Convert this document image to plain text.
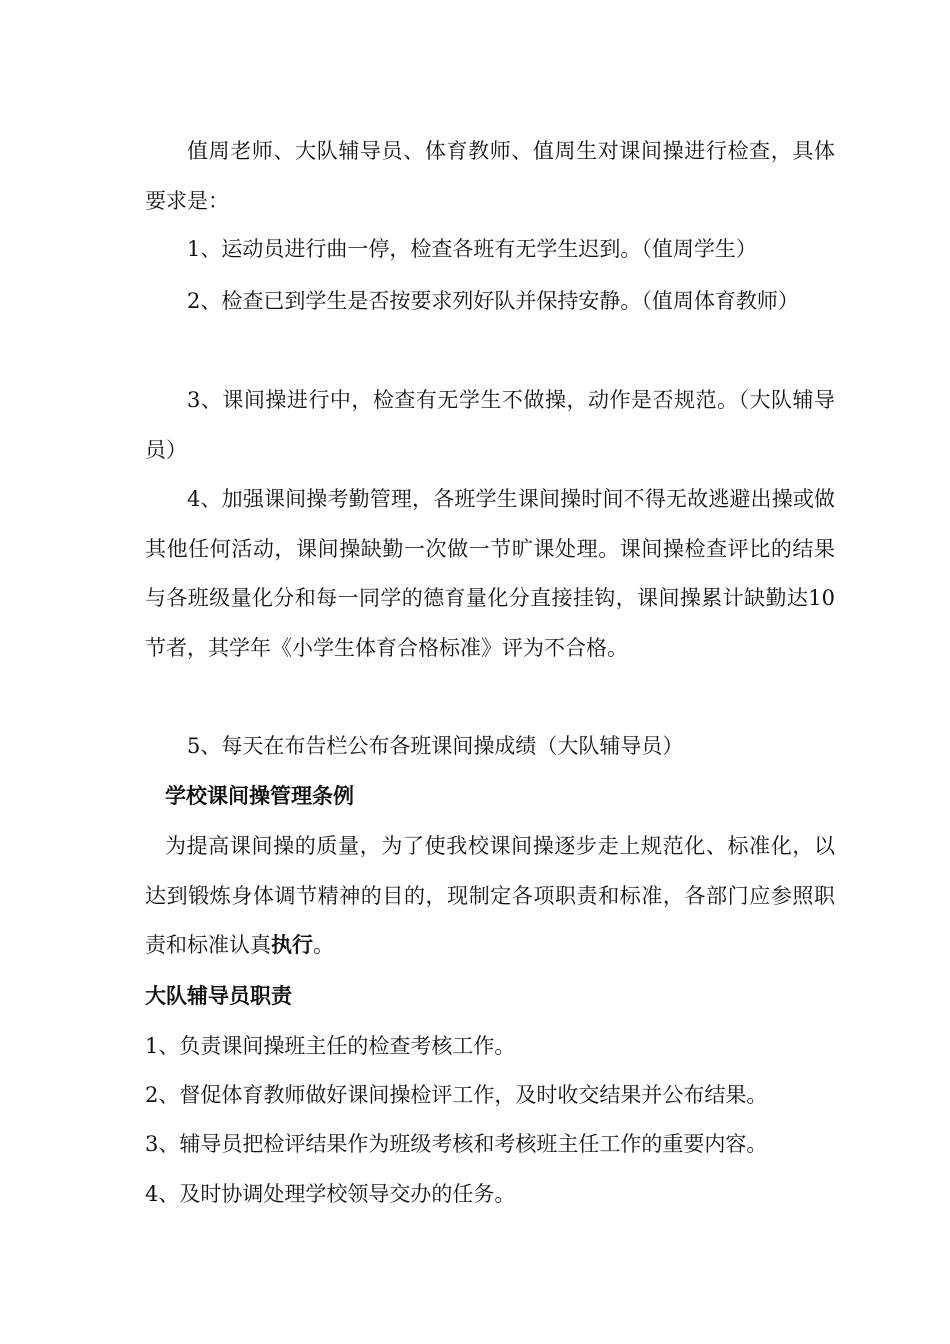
值周老师、大队辅导员、体育教师、值周生对课间操进行检查，具体要求是：

1、运动员进行曲一停，检查各班有无学生迟到。（值周学生）

2、检查已到学生是否按要求列好队并保持安静。（值周体育教师）

3、课间操进行中，检查有无学生不做操，动作是否规范。（大队辅导员）

4、加强课间操考勤管理，各班学生课间操时间不得无故逃避出操或做其他任何活动，课间操缺勤一次做一节旷课处理。课间操检查评比的结果与各班级量化分和每一同学的德育量化分直接挂钩，课间操累计缺勤达10节者，其学年《小学生体育合格标准》评为不合格。

5、每天在布告栏公布各班课间操成绩（大队辅导员）

学校课间操管理条例

为提高课间操的质量，为了使我校课间操逐步走上规范化、标准化，以达到锻炼身体调节精神的目的，现制定各项职责和标准，各部门应参照职责和标准认真执行。

大队辅导员职责

1、负责课间操班主任的检查考核工作。

2、督促体育教师做好课间操检评工作，及时收交结果并公布结果。

3、辅导员把检评结果作为班级考核和考核班主任工作的重要内容。

4、及时协调处理学校领导交办的任务。
